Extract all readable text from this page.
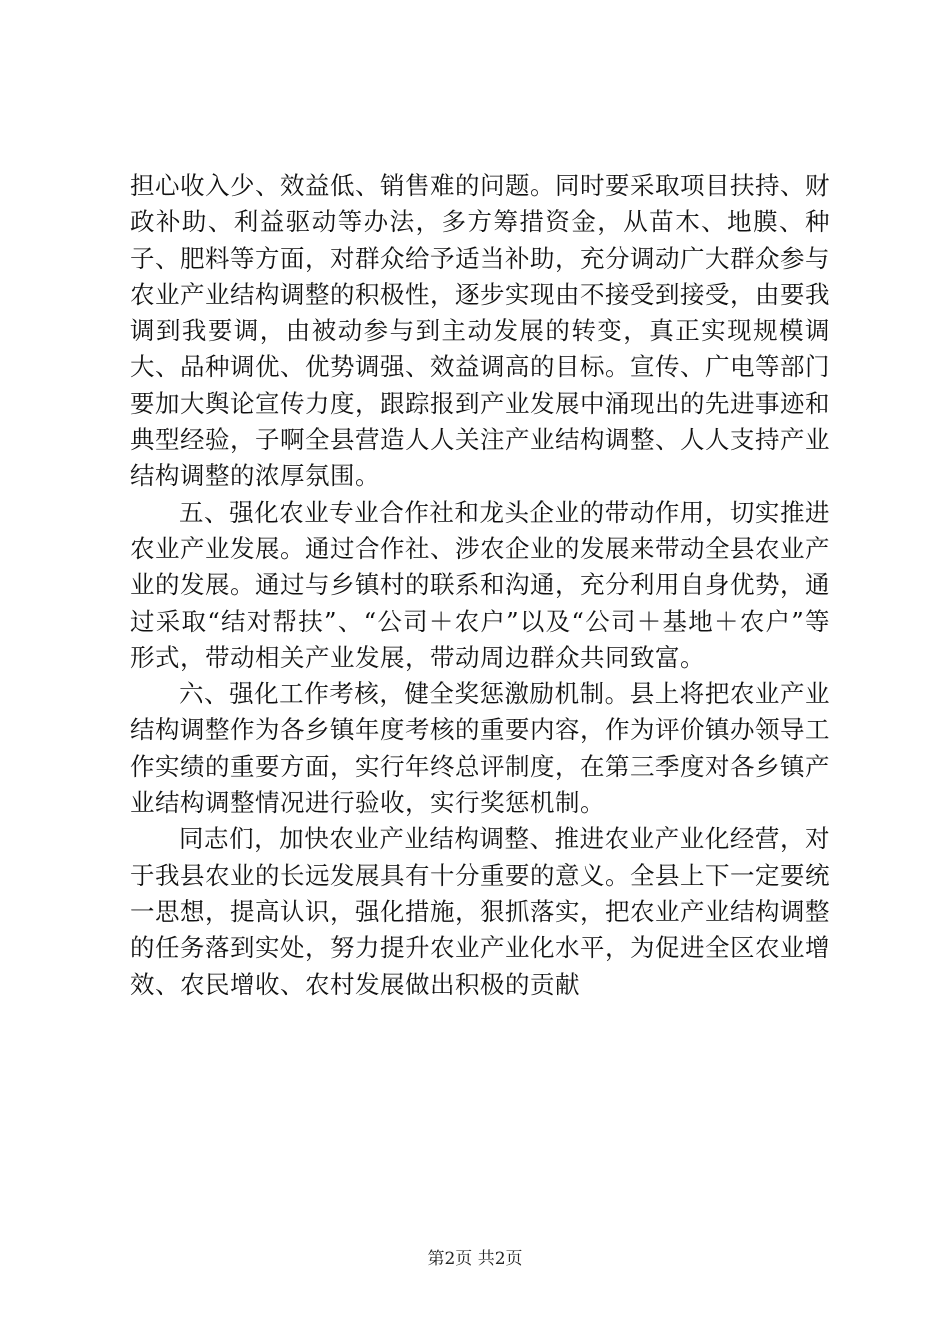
担心收入少、效益低、销售难的问题。同时要采取项目扶持、财政补助、利益驱动等办法，多方筹措资金，从苗木、地膜、种子、肥料等方面，对群众给予适当补助，充分调动广大群众参与农业产业结构调整的积极性，逐步实现由不接受到接受，由要我调到我要调，由被动参与到主动发展的转变，真正实现规模调大、品种调优、优势调强、效益调高的目标。宣传、广电等部门要加大舆论宣传力度，跟踪报到产业发展中涌现出的先进事迹和典型经验，子啊全县营造人人关注产业结构调整、人人支持产业结构调整的浓厚氛围。

五、强化农业专业合作社和龙头企业的带动作用，切实推进农业产业发展。通过合作社、涉农企业的发展来带动全县农业产业的发展。通过与乡镇村的联系和沟通，充分利用自身优势，通过采取“结对帮扶”、“公司＋农户”以及“公司＋基地＋农户”等形式，带动相关产业发展，带动周边群众共同致富。

六、强化工作考核，健全奖惩激励机制。县上将把农业产业结构调整作为各乡镇年度考核的重要内容，作为评价镇办领导工作实绩的重要方面，实行年终总评制度，在第三季度对各乡镇产业结构调整情况进行验收，实行奖惩机制。

同志们，加快农业产业结构调整、推进农业产业化经营，对于我县农业的长远发展具有十分重要的意义。全县上下一定要统一思想，提高认识，强化措施，狠抓落实，把农业产业结构调整的任务落到实处，努力提升农业产业化水平，为促进全区农业增效、农民增收、农村发展做出积极的贡献

第2页 共2页
